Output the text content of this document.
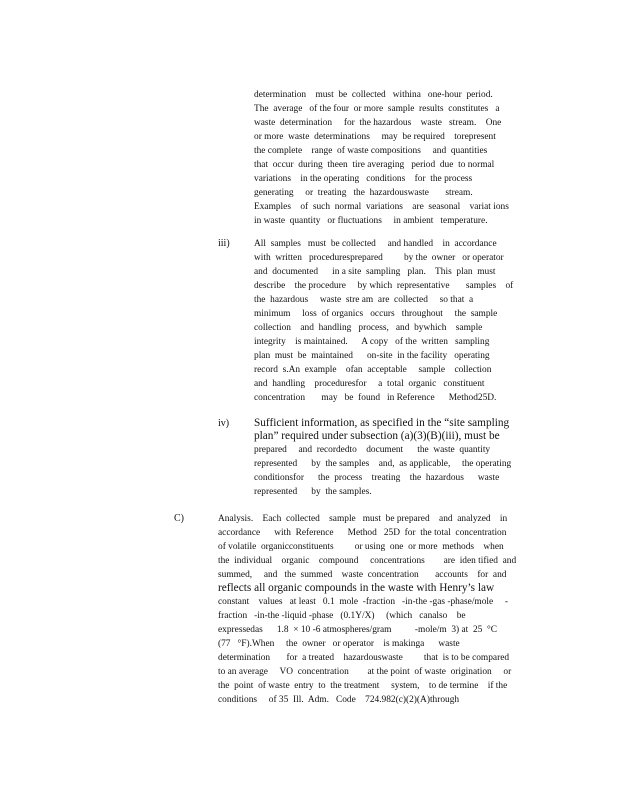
determination    must  be  collected   withina   one-hour  period.
The  average   of the four  or more  sample  results  constitutes   a
waste  determination     for  the hazardous    waste   stream.    One
or more  waste  determinations     may  be required    torepresent
the complete    range  of waste compositions     and  quantities
that  occur  during  theen  tire averaging   period  due  to normal
variations    in the operating   conditions    for  the process
generating     or  treating   the  hazardouswaste       stream.
Examples    of  such  normal  variations    are  seasonal    variat ions
in waste  quantity   or fluctuations     in ambient   temperature.
iii)	All  samples   must  be collected     and handled    in  accordance
with  written   proceduresprepared         by the  owner   or operator
and  documented      in a site  sampling   plan.    This  plan  must
describe    the procedure     by which  representative       samples    of
the  hazardous     waste  stre am  are  collected     so that  a
minimum     loss  of organics   occurs   throughout     the  sample
collection    and  handling   process,   and  bywhich    sample
integrity    is maintained.      A copy   of the  written   sampling
plan  must  be  maintained      on-site  in the facility   operating
record  s.An  example    ofan  acceptable     sample    collection
and  handling    proceduresfor     a  total  organic   constituent
concentration       may   be  found   in Reference      Method25D.
iv) Sufficient information, as specified in the “site sampling
plan” required under subsection (a)(3)(B)(iii), must be
prepared     and  recordedto    document      the  waste  quantity
represented      by  the samples    and,  as applicable,     the operating
conditionsfor      the  process    treating    the  hazardous      waste
represented      by  the samples.
C)	Analysis.    Each  collected    sample   must  be prepared    and  analyzed    in
accordance      with  Reference      Method   25D  for  the total  concentration
of volatile  organicconstituents         or using  one  or more  methods    when
the  individual    organic    compound     concentrations        are  iden tified  and
summed,     and   the  summed    waste  concentration       accounts    for  and
reflects all organic compounds in the waste with Henry’s law
constant    values   at least   0.1  mole  -fraction   -in-the -gas -phase/mole     -
fraction   -in-the -liquid -phase   (0.1Y/X)     (which   canalso    be
expressedas      1.8  × 10 -6 atmospheres/gram          -mole/m  3) at  25  °C
(77   °F).When     the  owner   or operator    is makinga      waste
determination       for  a treated    hazardouswaste         that  is to be compared
to an average     VO  concentration        at the point  of waste  origination     or
the  point  of waste  entry  to  the treatment     system,    to de termine    if the
conditions     of 35  Ill.  Adm.   Code    724.982(c)(2)(A)through
